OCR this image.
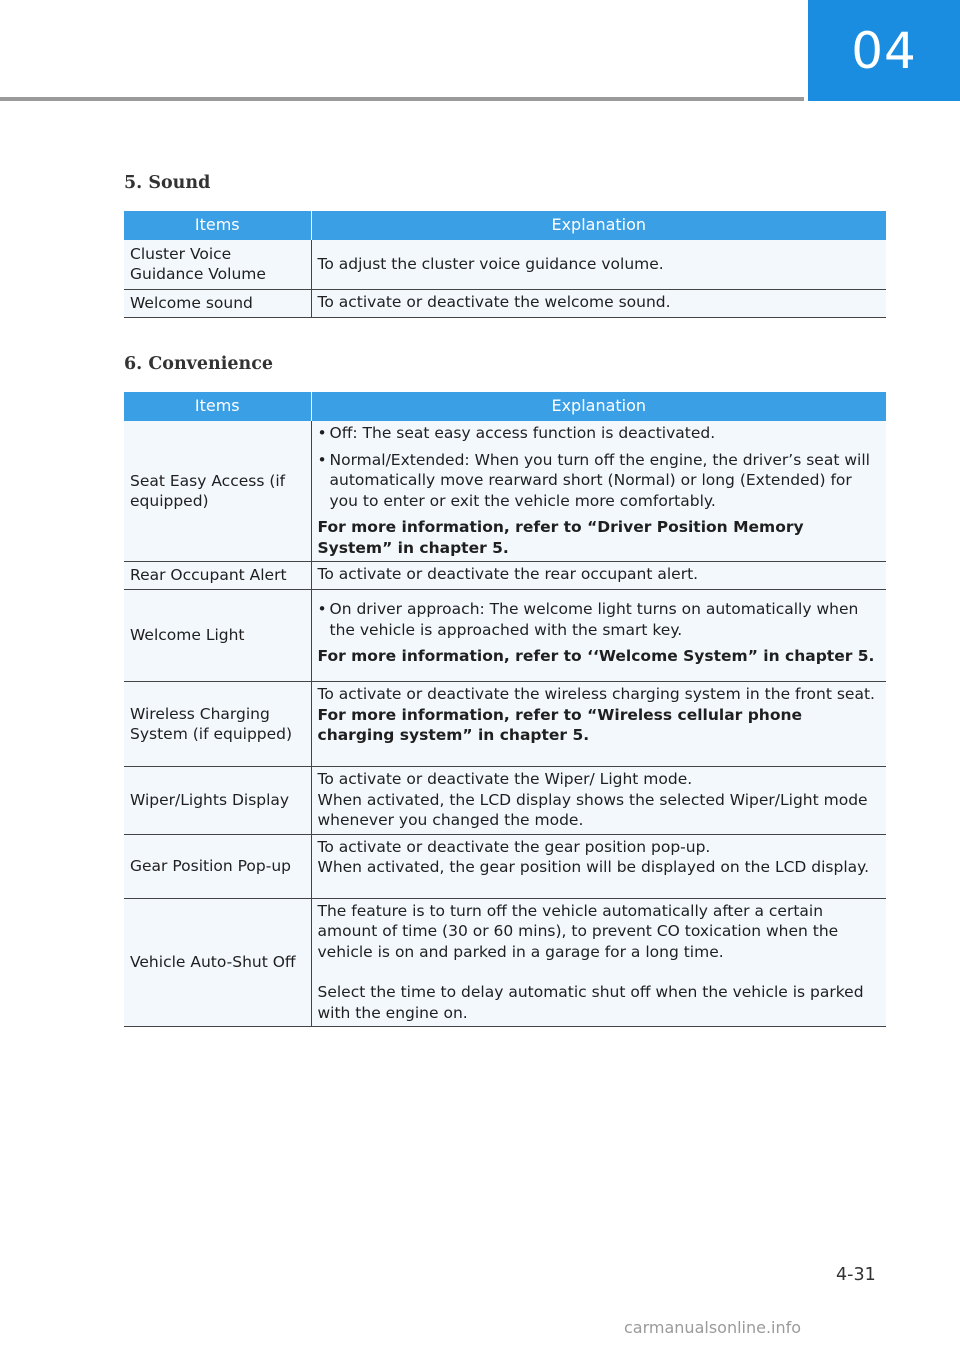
04
5. Sound
Items	Explanation
Cluster Voice Guidance Volume	To adjust the cluster voice guidance volume.
Welcome sound	To activate or deactivate the welcome sound.
6. Convenience
Items	Explanation
Seat Easy Access (if equipped)	• Off: The seat easy access function is deactivated.
• Normal/Extended: When you turn off the engine, the driver’s seat will automatically move rearward short (Normal) or long (Extended) for you to enter or exit the vehicle more comfortably.
For more information, refer to “Driver Position Memory System” in chapter 5.

Rear Occupant Alert	To activate or deactivate the rear occupant alert.
Welcome Light	• On driver approach: The welcome light turns on automatically when the vehicle is approached with the smart key.
For more information, refer to ‘‘Welcome System” in chapter 5.

Wireless Charging System (if equipped)	To activate or deactivate the wireless charging system in the front seat.
For more information, refer to “Wireless cellular phone charging system” in chapter 5.

Wiper/Lights Display	To activate or deactivate the Wiper/ Light mode.
When activated, the LCD display shows the selected Wiper/Light mode whenever you changed the mode.

Gear Position Pop-up	To activate or deactivate the gear position pop-up.
When activated, the gear position will be displayed on the LCD display.

Vehicle Auto-Shut Off	The feature is to turn off the vehicle automatically after a certain amount of time (30 or 60 mins), to prevent CO toxication when the vehicle is on and parked in a garage for a long time.
Select the time to delay automatic shut off when the vehicle is parked with the engine on.
4-31
carmanualsonline.info
